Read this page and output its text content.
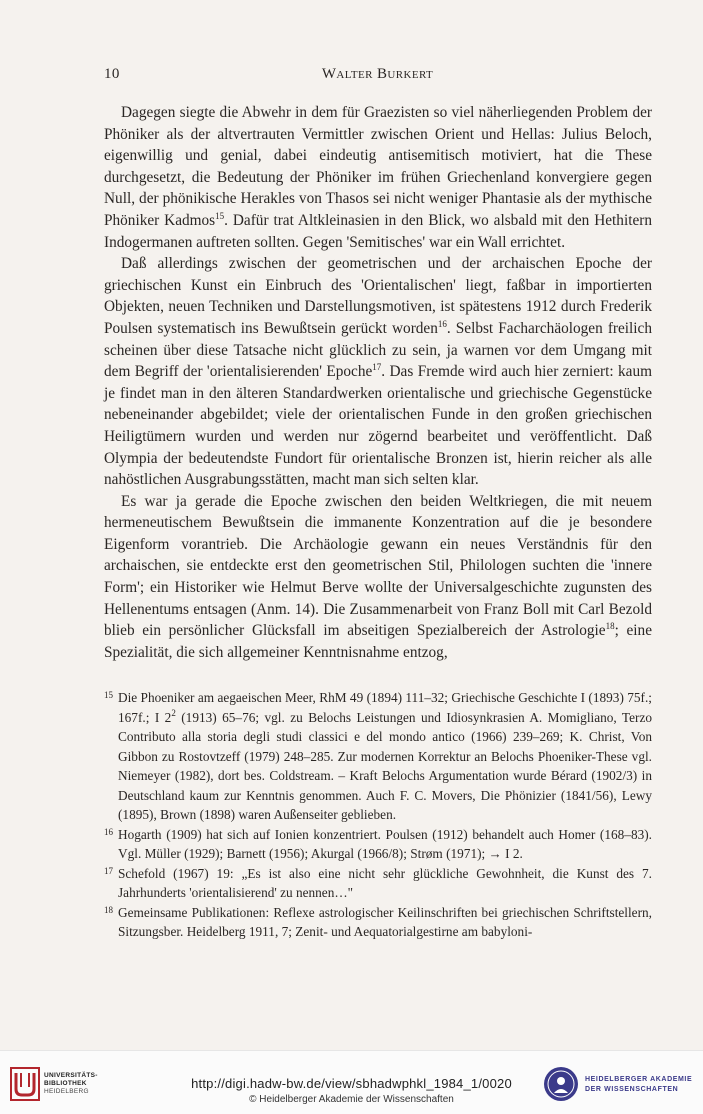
10	Walter Burkert

Dagegen siegte die Abwehr in dem für Graezisten so viel näherliegenden Problem der Phöniker als der altvertrauten Vermittler zwischen Orient und Hellas: Julius Beloch, eigenwillig und genial, dabei eindeutig antisemitisch motiviert, hat die These durchgesetzt, die Bedeutung der Phöniker im frühen Griechenland konvergiere gegen Null, der phönikische Herakles von Thasos sei nicht weniger Phantasie als der mythische Phöniker Kadmos$^{15}$. Dafür trat Altkleinasien in den Blick, wo alsbald mit den Hethitern Indogermanen auftreten sollten. Gegen 'Semitisches' war ein Wall errichtet.

Daß allerdings zwischen der geometrischen und der archaischen Epoche der griechischen Kunst ein Einbruch des 'Orientalischen' liegt, faßbar in importierten Objekten, neuen Techniken und Darstellungsmotiven, ist spätestens 1912 durch Frederik Poulsen systematisch ins Bewußtsein gerückt worden$^{16}$. Selbst Facharchäologen freilich scheinen über diese Tatsache nicht glücklich zu sein, ja warnen vor dem Umgang mit dem Begriff der 'orientalisierenden' Epoche$^{17}$. Das Fremde wird auch hier zerniert: kaum je findet man in den älteren Standardwerken orientalische und griechische Gegenstücke nebeneinander abgebildet; viele der orientalischen Funde in den großen griechischen Heiligtümern wurden und werden nur zögernd bearbeitet und veröffentlicht. Daß Olympia der bedeutendste Fundort für orientalische Bronzen ist, hierin reicher als alle nahöstlichen Ausgrabungsstätten, macht man sich selten klar.

Es war ja gerade die Epoche zwischen den beiden Weltkriegen, die mit neuem hermeneutischem Bewußtsein die immanente Konzentration auf die je besondere Eigenform vorantrieb. Die Archäologie gewann ein neues Verständnis für den archaischen, sie entdeckte erst den geometrischen Stil, Philologen suchten die 'innere Form'; ein Historiker wie Helmut Berve wollte der Universalgeschichte zugunsten des Hellenentums entsagen (Anm. 14). Die Zusammenarbeit von Franz Boll mit Carl Bezold blieb ein persönlicher Glücksfall im abseitigen Spezialbereich der Astrologie$^{18}$; eine Spezialität, die sich allgemeiner Kenntnisnahme entzog,

15 Die Phoeniker am aegaeischen Meer, RhM 49 (1894) 111–32; Griechische Geschichte I (1893) 75f.; 167f.; I $2^2$ (1913) 65–76; vgl. zu Belochs Leistungen und Idiosynkrasien A. Momigliano, Terzo Contributo alla storia degli studi classici e del mondo antico (1966) 239–269; K. Christ, Von Gibbon zu Rostovtzeff (1979) 248–285. Zur modernen Korrektur an Belochs Phoeniker-These vgl. Niemeyer (1982), dort bes. Coldstream. – Kraft Belochs Argumentation wurde Bérard (1902/3) in Deutschland kaum zur Kenntnis genommen. Auch F. C. Movers, Die Phönizier (1841/56), Lewy (1895), Brown (1898) waren Außenseiter geblieben.

16 Hogarth (1909) hat sich auf Ionien konzentriert. Poulsen (1912) behandelt auch Homer (168–83). Vgl. Müller (1929); Barnett (1956); Akurgal (1966/8); Strøm (1971); → I 2.

17 Schefold (1967) 19: „Es ist also eine nicht sehr glückliche Gewohnheit, die Kunst des 7. Jahrhunderts 'orientalisierend' zu nennen…"

18 Gemeinsame Publikationen: Reflexe astrologischer Keilinschriften bei griechischen Schriftstellern, Sitzungsber. Heidelberg 1911, 7; Zenit- und Aequatorialgestirne am babyloni-

UNIVERSITÄTS-
BIBLIOTHEK
HEIDELBERG
http://digi.hadw-bw.de/view/sbhadwphkl_1984_1/0020
© Heidelberger Akademie der Wissenschaften
HEIDELBERGER AKADEMIE
DER WISSENSCHAFTEN
